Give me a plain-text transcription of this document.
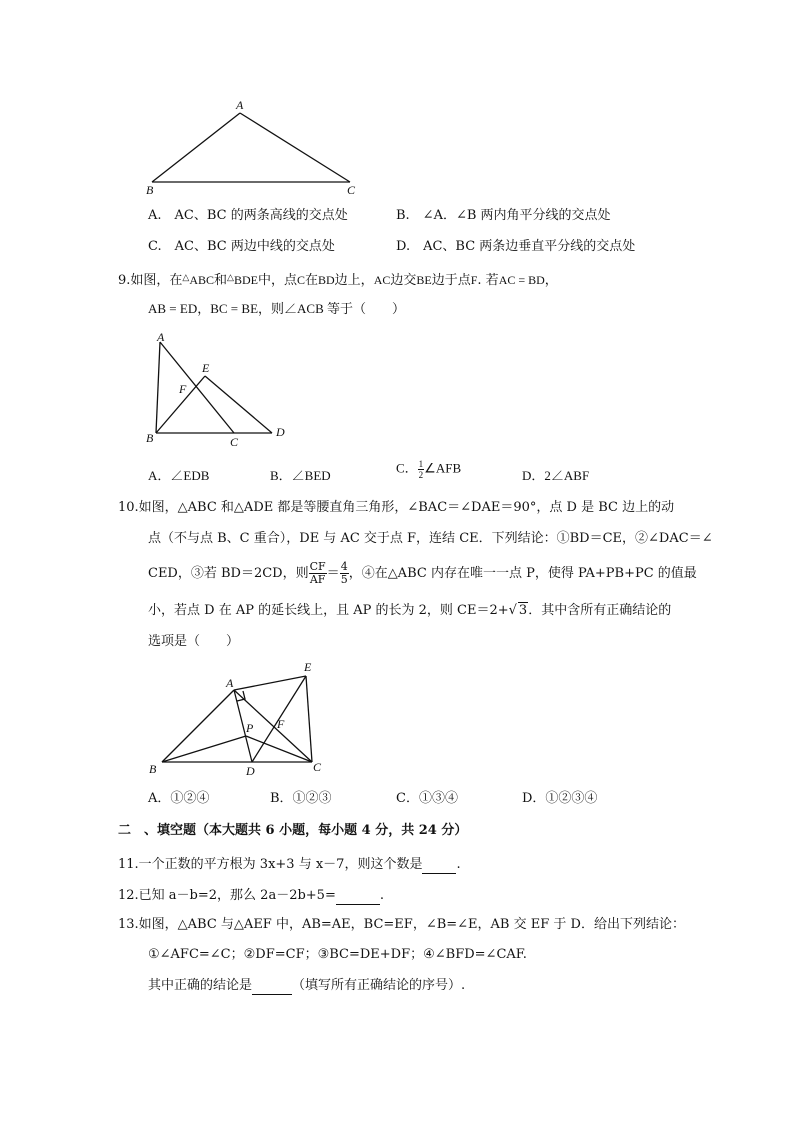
A
B	C
A.　AC、BC 的两条高线的交点处	B.　∠A．∠B 两内角平分线的交点处
C.　AC、BC 两边中线的交点处	D.　AC、BC 两条边垂直平分线的交点处
9.如图，在△ABC和△BDE中，点C在BD边上，AC边交BE边于点F. 若AC = BD，
AB = ED，BC = BE，则∠ACB 等于（　　）
A
B	C
D
E
F
A．∠EDB	B．∠BED
C． $\frac{1}{2}$ ∠AFB
D．2∠ABF
10.如图，△ABC 和△ADE 都是等腰直角三角形，∠BAC＝∠DAE＝90°，点 D 是 BC 边上的动
点（不与点 B、C 重合），DE 与 AC 交于点 F，连结 CE．下列结论：①BD＝CE，②∠DAC＝∠
CED，③若 BD＝2CD，则 $\frac{CF}{AF} = \frac{4}{5}$ ，④在△ABC 内存在唯一一点 P，使得 PA+PB+PC 的值最
小，若点 D 在 AP 的延长线上，且 AP 的长为 2，则 CE＝2+√ 3．其中含所有正确结论的
选项是（　　）
A
B	C
D
E
F
P
A．①②④	B．①②③	C．①③④	D．①②③④
二　、填空题（本大题共 6 小题，每小题 4 分，共 24 分）
11.一个正数的平方根为 3x+3 与 x－7，则这个数是	.
12.已知 a－b=2，那么 2a－2b+5=	.
13.如图，△ABC 与△AEF 中，AB=AE，BC=EF，∠B=∠E，AB 交 EF 于 D．给出下列结论：
①∠AFC=∠C；②DF=CF；③BC=DE+DF；④∠BFD=∠CAF.
其中正确的结论是	（填写所有正确结论的序号）.
